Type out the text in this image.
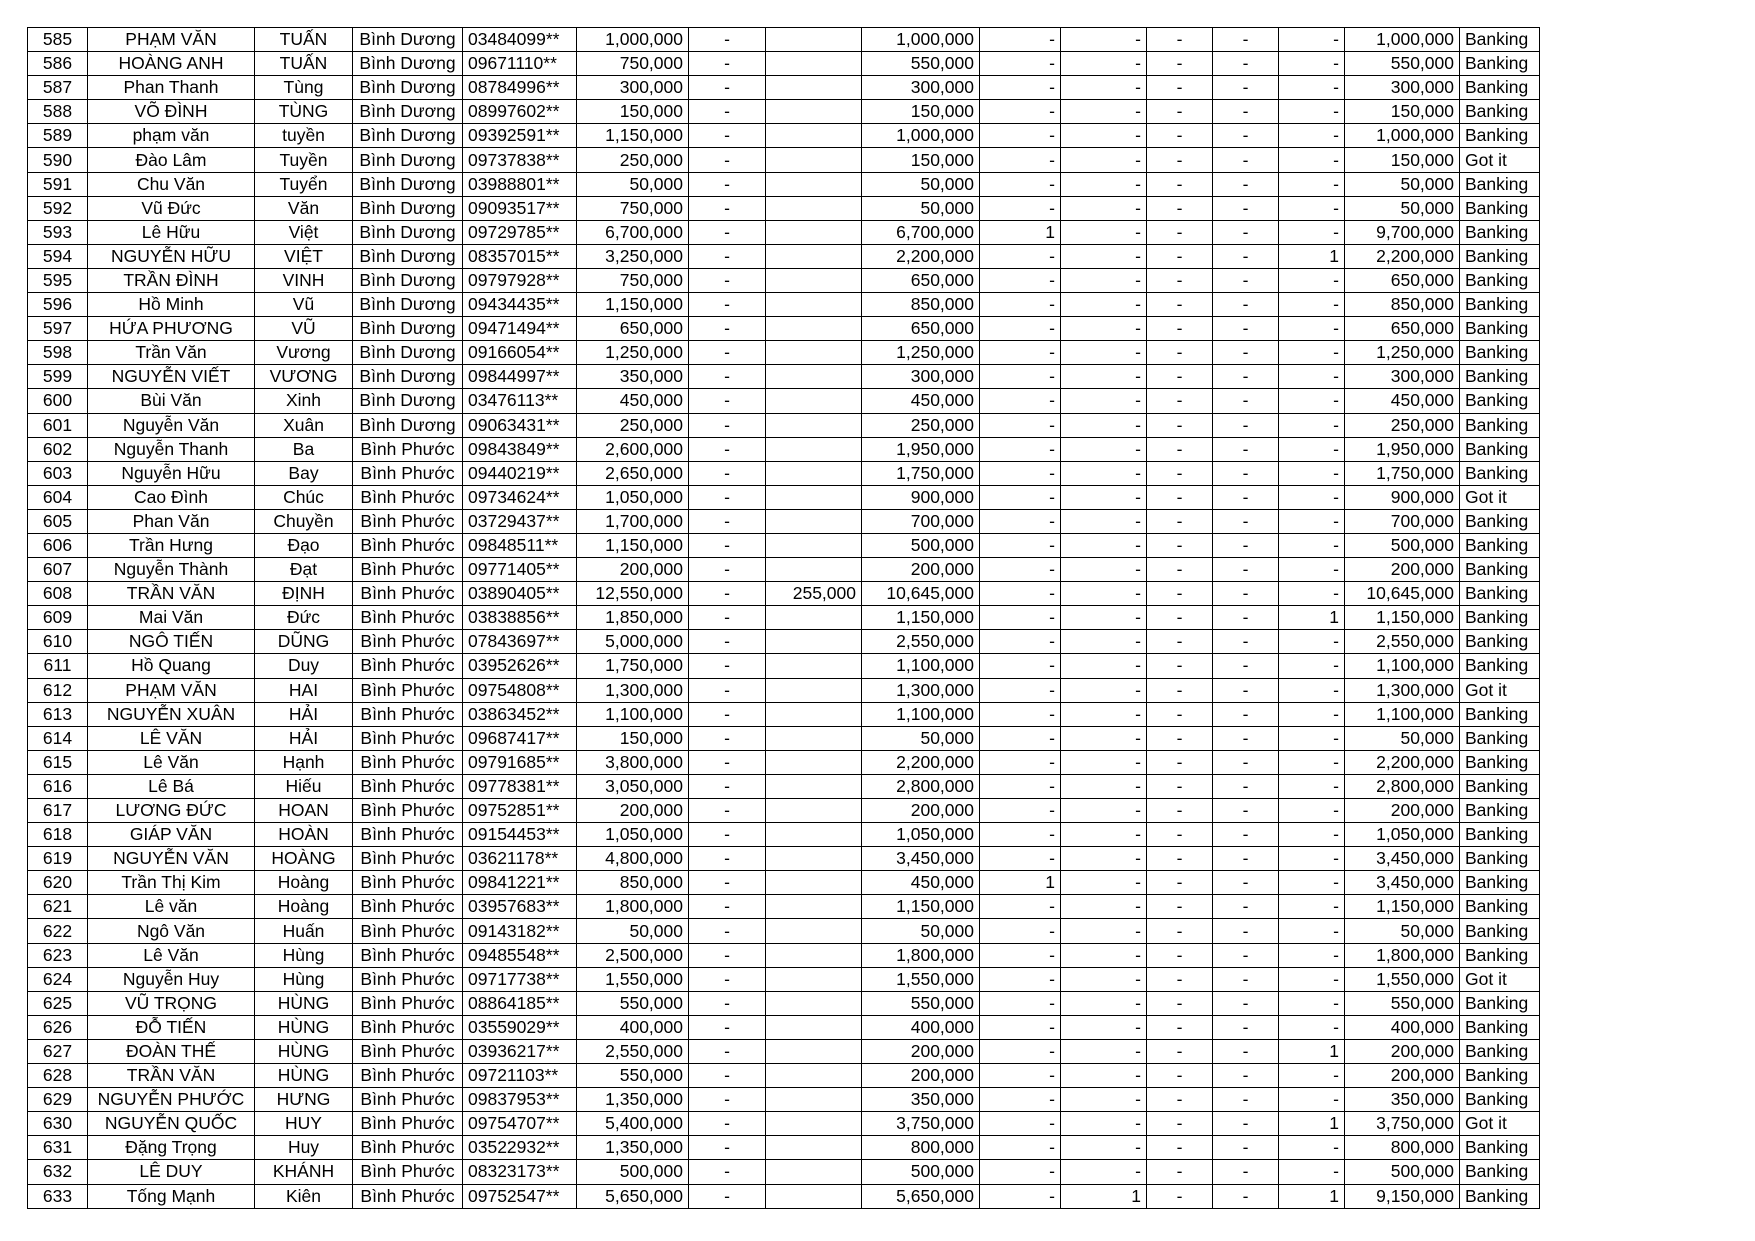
585	PHẠM VĂN	TUẤN	Bình Dương	03484099**	1,000,000	-		1,000,000	-	-	-	-	-	1,000,000	Banking
586	HOÀNG ANH	TUẤN	Bình Dương	09671110**	750,000	-		550,000	-	-	-	-	-	550,000	Banking
587	Phan Thanh	Tùng	Bình Dương	08784996**	300,000	-		300,000	-	-	-	-	-	300,000	Banking
588	VÕ ĐÌNH	TÙNG	Bình Dương	08997602**	150,000	-		150,000	-	-	-	-	-	150,000	Banking
589	phạm văn	tuyền	Bình Dương	09392591**	1,150,000	-		1,000,000	-	-	-	-	-	1,000,000	Banking
590	Đào Lâm	Tuyền	Bình Dương	09737838**	250,000	-		150,000	-	-	-	-	-	150,000	Got it
591	Chu Văn	Tuyển	Bình Dương	03988801**	50,000	-		50,000	-	-	-	-	-	50,000	Banking
592	Vũ Đức	Văn	Bình Dương	09093517**	750,000	-		50,000	-	-	-	-	-	50,000	Banking
593	Lê Hữu	Việt	Bình Dương	09729785**	6,700,000	-		6,700,000	1	-	-	-	-	9,700,000	Banking
594	NGUYỄN HỮU	VIỆT	Bình Dương	08357015**	3,250,000	-		2,200,000	-	-	-	-	1	2,200,000	Banking
595	TRẦN ĐÌNH	VINH	Bình Dương	09797928**	750,000	-		650,000	-	-	-	-	-	650,000	Banking
596	Hồ Minh	Vũ	Bình Dương	09434435**	1,150,000	-		850,000	-	-	-	-	-	850,000	Banking
597	HỨA PHƯƠNG	VŨ	Bình Dương	09471494**	650,000	-		650,000	-	-	-	-	-	650,000	Banking
598	Trần Văn	Vương	Bình Dương	09166054**	1,250,000	-		1,250,000	-	-	-	-	-	1,250,000	Banking
599	NGUYỄN VIẾT	VƯƠNG	Bình Dương	09844997**	350,000	-		300,000	-	-	-	-	-	300,000	Banking
600	Bùi Văn	Xinh	Bình Dương	03476113**	450,000	-		450,000	-	-	-	-	-	450,000	Banking
601	Nguyễn Văn	Xuân	Bình Dương	09063431**	250,000	-		250,000	-	-	-	-	-	250,000	Banking
602	Nguyễn Thanh	Ba	Bình Phước	09843849**	2,600,000	-		1,950,000	-	-	-	-	-	1,950,000	Banking
603	Nguyễn Hữu	Bay	Bình Phước	09440219**	2,650,000	-		1,750,000	-	-	-	-	-	1,750,000	Banking
604	Cao Đình	Chúc	Bình Phước	09734624**	1,050,000	-		900,000	-	-	-	-	-	900,000	Got it
605	Phan Văn	Chuyền	Bình Phước	03729437**	1,700,000	-		700,000	-	-	-	-	-	700,000	Banking
606	Trần Hưng	Đạo	Bình Phước	09848511**	1,150,000	-		500,000	-	-	-	-	-	500,000	Banking
607	Nguyễn Thành	Đạt	Bình Phước	09771405**	200,000	-		200,000	-	-	-	-	-	200,000	Banking
608	TRẦN VĂN	ĐỊNH	Bình Phước	03890405**	12,550,000	-	255,000	10,645,000	-	-	-	-	-	10,645,000	Banking
609	Mai Văn	Đức	Bình Phước	03838856**	1,850,000	-		1,150,000	-	-	-	-	1	1,150,000	Banking
610	NGÔ TIẾN	DŨNG	Bình Phước	07843697**	5,000,000	-		2,550,000	-	-	-	-	-	2,550,000	Banking
611	Hồ Quang	Duy	Bình Phước	03952626**	1,750,000	-		1,100,000	-	-	-	-	-	1,100,000	Banking
612	PHẠM VĂN	HAI	Bình Phước	09754808**	1,300,000	-		1,300,000	-	-	-	-	-	1,300,000	Got it
613	NGUYỄN XUÂN	HẢI	Bình Phước	03863452**	1,100,000	-		1,100,000	-	-	-	-	-	1,100,000	Banking
614	LÊ VĂN	HẢI	Bình Phước	09687417**	150,000	-		50,000	-	-	-	-	-	50,000	Banking
615	Lê Văn	Hạnh	Bình Phước	09791685**	3,800,000	-		2,200,000	-	-	-	-	-	2,200,000	Banking
616	Lê Bá	Hiếu	Bình Phước	09778381**	3,050,000	-		2,800,000	-	-	-	-	-	2,800,000	Banking
617	LƯƠNG ĐỨC	HOAN	Bình Phước	09752851**	200,000	-		200,000	-	-	-	-	-	200,000	Banking
618	GIÁP VĂN	HOÀN	Bình Phước	09154453**	1,050,000	-		1,050,000	-	-	-	-	-	1,050,000	Banking
619	NGUYỄN VĂN	HOÀNG	Bình Phước	03621178**	4,800,000	-		3,450,000	-	-	-	-	-	3,450,000	Banking
620	Trần Thị Kim	Hoàng	Bình Phước	09841221**	850,000	-		450,000	1	-	-	-	-	3,450,000	Banking
621	Lê văn	Hoàng	Bình Phước	03957683**	1,800,000	-		1,150,000	-	-	-	-	-	1,150,000	Banking
622	Ngô Văn	Huấn	Bình Phước	09143182**	50,000	-		50,000	-	-	-	-	-	50,000	Banking
623	Lê Văn	Hùng	Bình Phước	09485548**	2,500,000	-		1,800,000	-	-	-	-	-	1,800,000	Banking
624	Nguyễn Huy	Hùng	Bình Phước	09717738**	1,550,000	-		1,550,000	-	-	-	-	-	1,550,000	Got it
625	VŨ TRỌNG	HÙNG	Bình Phước	08864185**	550,000	-		550,000	-	-	-	-	-	550,000	Banking
626	ĐỖ TIẾN	HÙNG	Bình Phước	03559029**	400,000	-		400,000	-	-	-	-	-	400,000	Banking
627	ĐOÀN THẾ	HÙNG	Bình Phước	03936217**	2,550,000	-		200,000	-	-	-	-	1	200,000	Banking
628	TRẦN VĂN	HÙNG	Bình Phước	09721103**	550,000	-		200,000	-	-	-	-	-	200,000	Banking
629	NGUYỄN PHƯỚC	HƯNG	Bình Phước	09837953**	1,350,000	-		350,000	-	-	-	-	-	350,000	Banking
630	NGUYỄN QUỐC	HUY	Bình Phước	09754707**	5,400,000	-		3,750,000	-	-	-	-	1	3,750,000	Got it
631	Đặng Trọng	Huy	Bình Phước	03522932**	1,350,000	-		800,000	-	-	-	-	-	800,000	Banking
632	LÊ DUY	KHÁNH	Bình Phước	08323173**	500,000	-		500,000	-	-	-	-	-	500,000	Banking
633	Tống Mạnh	Kiên	Bình Phước	09752547**	5,650,000	-		5,650,000	-	1	-	-	1	9,150,000	Banking
